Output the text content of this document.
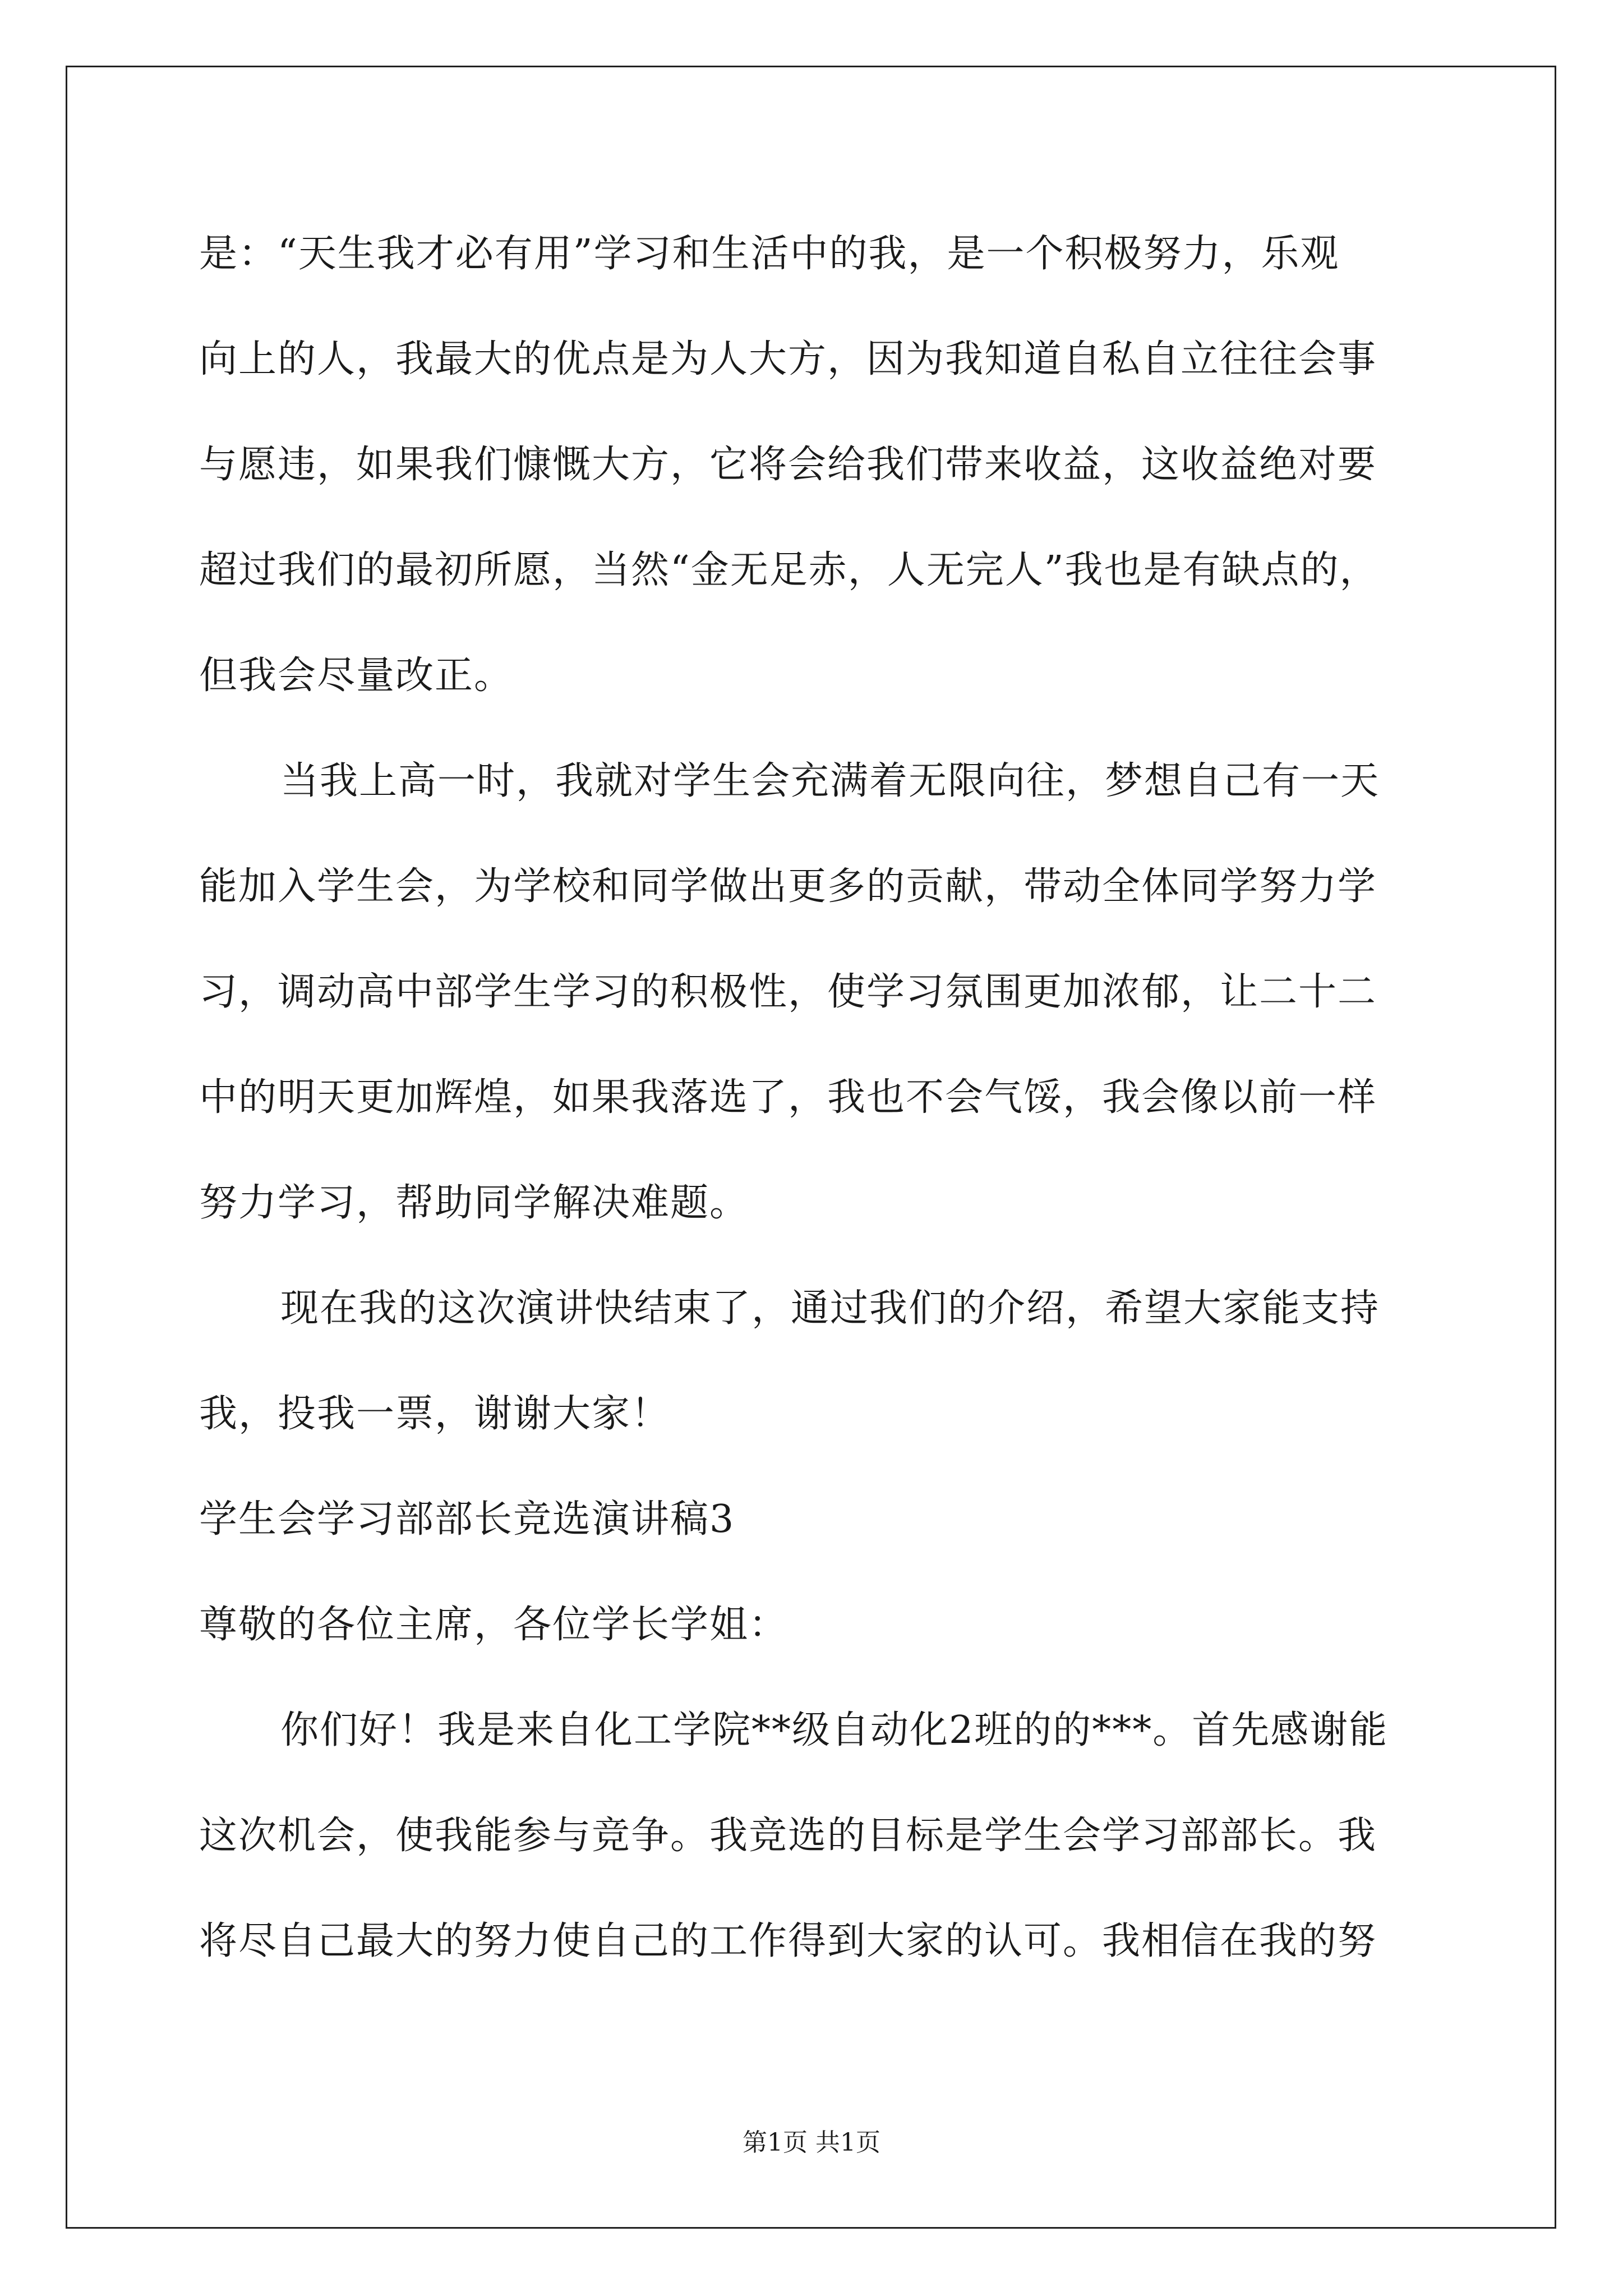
是：“天生我才必有用”学习和生活中的我，是一个积极努力，乐观
向上的人，我最大的优点是为人大方，因为我知道自私自立往往会事
与愿违，如果我们慷慨大方，它将会给我们带来收益，这收益绝对要
超过我们的最初所愿，当然“金无足赤，人无完人”我也是有缺点的，
但我会尽量改正。
当我上高一时，我就对学生会充满着无限向往，梦想自己有一天
能加入学生会，为学校和同学做出更多的贡献，带动全体同学努力学
习，调动高中部学生学习的积极性，使学习氛围更加浓郁，让二十二
中的明天更加辉煌，如果我落选了，我也不会气馁，我会像以前一样
努力学习，帮助同学解决难题。
现在我的这次演讲快结束了，通过我们的介绍，希望大家能支持
我，投我一票，谢谢大家！
学生会学习部部长竞选演讲稿3
尊敬的各位主席，各位学长学姐：
你们好！我是来自化工学院**级自动化2班的的***。首先感谢能
这次机会，使我能参与竞争。我竞选的目标是学生会学习部部长。我
将尽自己最大的努力使自己的工作得到大家的认可。我相信在我的努
第1页 共1页
